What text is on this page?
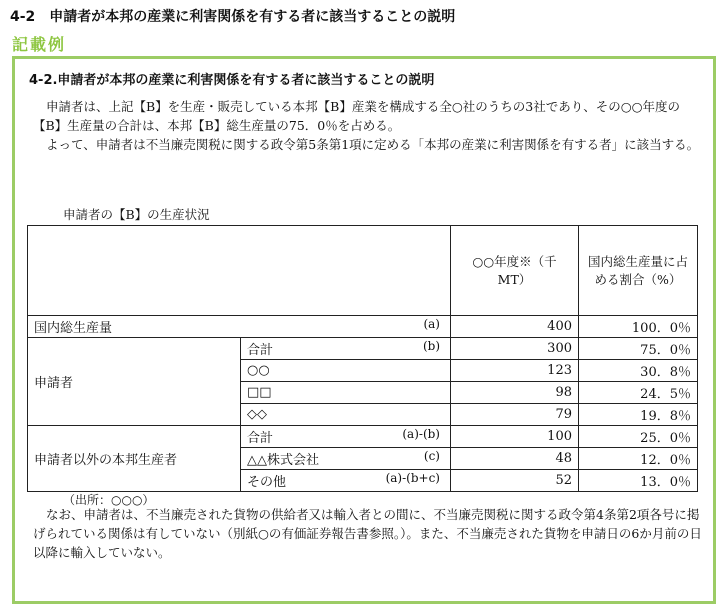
4-2　申請者が本邦の産業に利害関係を有する者に該当することの説明
記載例
4-2.申請者が本邦の産業に利害関係を有する者に該当することの説明
申請者は、上記【B】を生産・販売している本邦【B】産業を構成する全○社のうちの3社であり、その○○年度の【B】生産量の合計は、本邦【B】総生産量の75．0％を占める。
よって、申請者は不当廉売関税に関する政令第5条第1項に定める「本邦の産業に利害関係を有する者」に該当する。
申請者の【B】の生産状況
		○○年度※（千 MT）	国内総生産量に占める割合（%）
国内総生産量 (a)		400	100．0％
申請者	合計 (b)	300	75．0％
	○○	123	30．8％
	□□	98	24．5％
	◇◇	79	19．8％
申請者以外の本邦生産者	合計 (a)-(b)	100	25．0％
	△△株式会社 (c)	48	12．0％
	その他 (a)-(b+c)	52	13．0％
（出所：○○○）
なお、申請者は、不当廉売された貨物の供給者又は輸入者との間に、不当廉売関税に関する政令第4条第2項各号に掲げられている関係は有していない（別紙○の有価証券報告書参照。）。また、不当廉売された貨物を申請日の6か月前の日以降に輸入していない。
